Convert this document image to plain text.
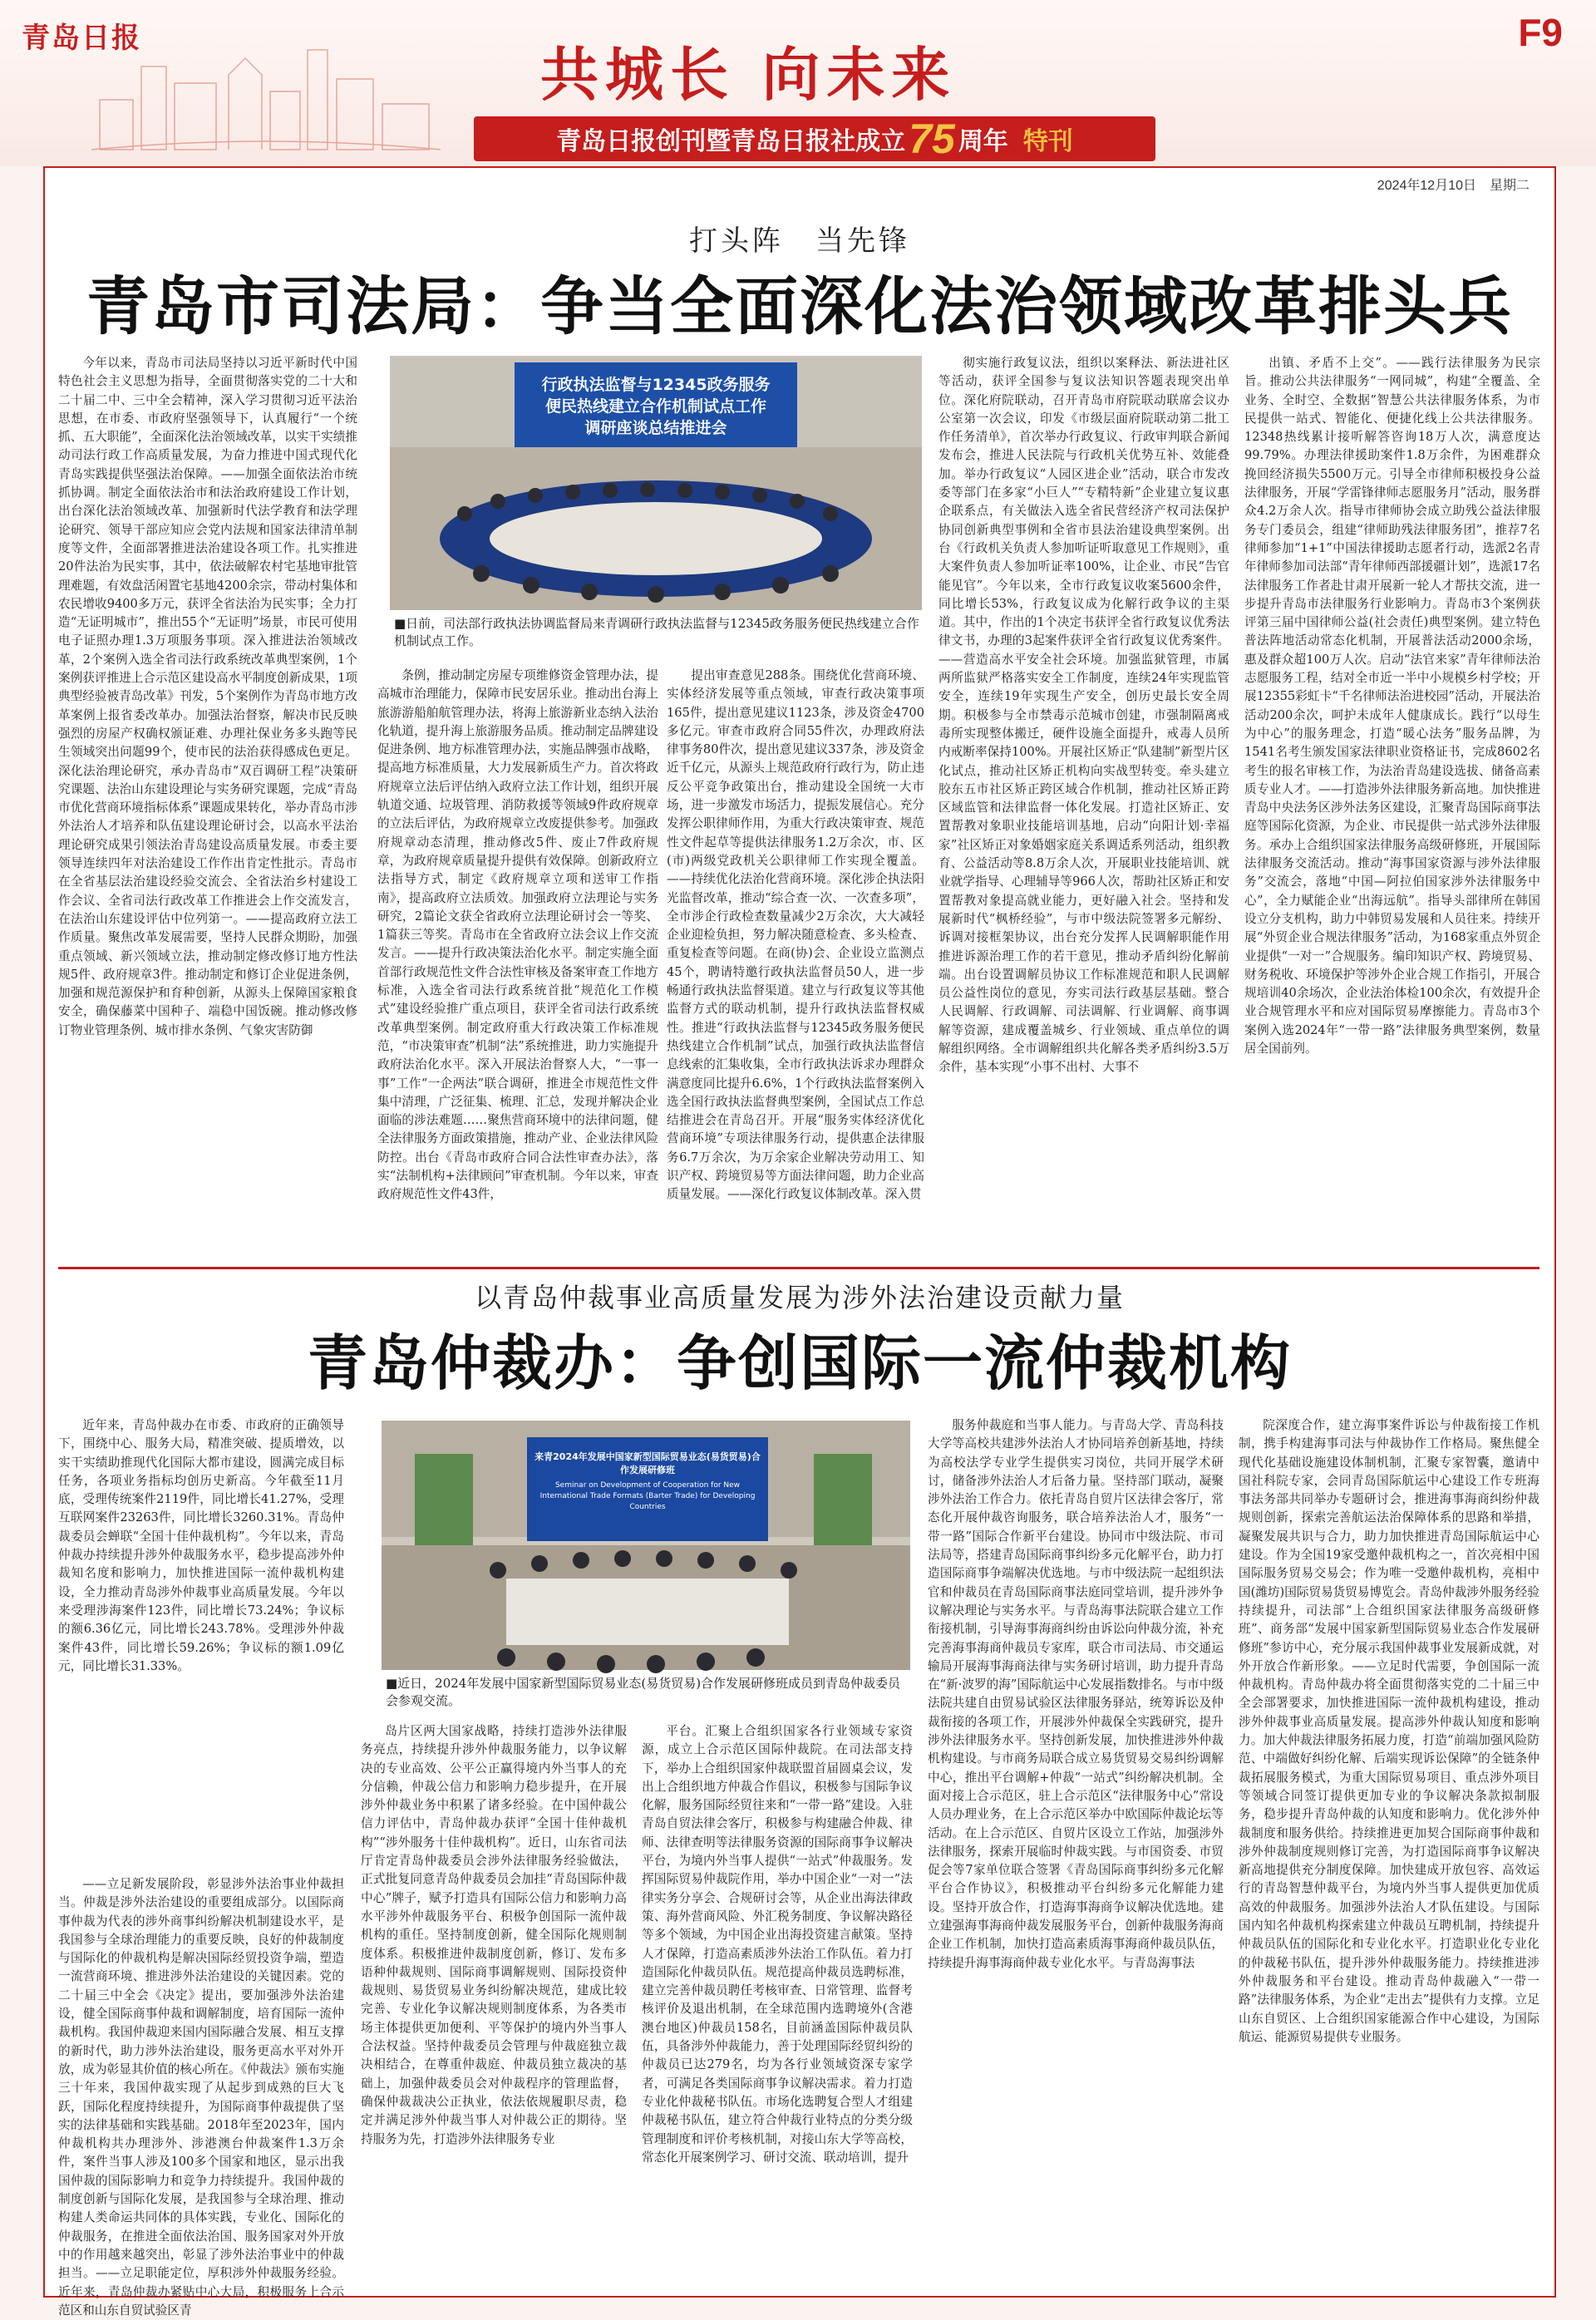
青岛日报
共城长 向未来
青岛日报创刊暨青岛日报社成立 75 周年 特刊
F9
2024年12月10日　星期二
打头阵　当先锋
青岛市司法局：争当全面深化法治领域改革排头兵

今年以来，青岛市司法局坚持以习近平新时代中国特色社会主义思想为指导，全面贯彻落实党的二十大和二十届二中、三中全会精神，深入学习贯彻习近平法治思想，在市委、市政府坚强领导下，认真履行“一个统抓、五大职能”，全面深化法治领域改革，以实干实绩推动司法行政工作高质量发展，为奋力推进中国式现代化青岛实践提供坚强法治保障。——加强全面依法治市统抓协调。制定全面依法治市和法治政府建设工作计划，出台深化法治领域改革、加强新时代法学教育和法学理论研究、领导干部应知应会党内法规和国家法律清单制度等文件，全面部署推进法治建设各项工作。扎实推进20件法治为民实事，其中，依法破解农村宅基地审批管理难题，有效盘活闲置宅基地4200余宗，带动村集体和农民增收9400多万元，获评全省法治为民实事；全力打造“无证明城市”，推出55个“无证明”场景，市民可使用电子证照办理1.3万项服务事项。深入推进法治领域改革，2个案例入选全省司法行政系统改革典型案例，1个案例获评推进上合示范区建设高水平制度创新成果，1项典型经验被青岛改革》刊发，5个案例作为青岛市地方改革案例上报省委改革办。加强法治督察，解决市民反映强烈的房屋产权确权颁证难、办理社保业务多头跑等民生领域突出问题99个，使市民的法治获得感成色更足。深化法治理论研究，承办青岛市“双百调研工程”决策研究课题、法治山东建设理论与实务研究课题，完成“青岛市优化营商环境指标体系”课题成果转化，举办青岛市涉外法治人才培养和队伍建设理论研讨会，以高水平法治理论研究成果引领法治青岛建设高质量发展。市委主要领导连续四年对法治建设工作作出肯定性批示。青岛市在全省基层法治建设经验交流会、全省法治乡村建设工作会议、全省司法行政改革工作推进会上作交流发言，在法治山东建设评估中位列第一。——提高政府立法工作质量。聚焦改革发展需要，坚持人民群众期盼，加强重点领域、新兴领域立法，推动制定修改修订地方性法规5件、政府规章3件。推动制定和修订企业促进条例，加强和规范源保护和育种创新，从源头上保障国家粮食安全，确保藤菜中国种子、端稳中国饭碗。推动修改修订物业管理条例、城市排水条例、气象灾害防御

行政执法监督与12345政务服务
便民热线建立合作机制试点工作
调研座谈总结推进会
■日前，司法部行政执法协调监督局来青调研行政执法监督与12345政务服务便民热线建立合作机制试点工作。

条例，推动制定房屋专项维修资金管理办法，提高城市治理能力，保障市民安居乐业。推动出台海上旅游游船舶航管理办法，将海上旅游新业态纳入法治化轨道，提升海上旅游服务品质。推动制定品牌建设促进条例、地方标准管理办法，实施品牌强市战略，提高地方标准质量，大力发展新质生产力。首次将政府规章立法后评估纳入政府立法工作计划，组织开展轨道交通、垃圾管理、消防救援等领域9件政府规章的立法后评估，为政府规章立改废提供参考。加强政府规章动态清理，推动修改5件、废止7件政府规章，为政府规章质量提升提供有效保障。创新政府立法指导方式，制定《政府规章立项和送审工作指南》，提高政府立法质效。加强政府立法理论与实务研究，2篇论文获全省政府立法理论研讨会一等奖、1篇获三等奖。青岛市在全省政府立法会议上作交流发言。——提升行政决策法治化水平。制定实施全面首部行政规范性文件合法性审核及备案审查工作地方标准，入选全省司法行政系统首批“规范化工作模式”建设经验推广重点项目，获评全省司法行政系统改革典型案例。制定政府重大行政决策工作标准规范，“市决策审查”机制“法”系统推进，助力实施提升政府法治化水平。深入开展法治督察人大，“一事一事”工作“一企两法”联合调研，推进全市规范性文件集中清理，广泛征集、梳理、汇总，发现并解决企业面临的涉法难题……聚焦营商环境中的法律问题，健全法律服务方面政策措施，推动产业、企业法律风险防控。出台《青岛市政府合同合法性审查办法》，落实“法制机构+法律顾问”审查机制。今年以来，审查政府规范性文件43件，

提出审查意见288条。围绕优化营商环境、实体经济发展等重点领域，审查行政决策事项165件，提出意见建议1123条，涉及资金4700多亿元。审查市政府合同55件次，办理政府法律事务80件次，提出意见建议337条，涉及资金近千亿元，从源头上规范政府行政行为，防止违反公平竞争政策出台，推动建设全国统一大市场，进一步激发市场活力，提振发展信心。充分发挥公职律师作用，为重大行政决策审查、规范性文件起草等提供法律服务1.2万余次，市、区(市)两级党政机关公职律师工作实现全覆盖。——持续优化法治化营商环境。深化涉企执法阳光监督改革，推动“综合查一次、一次查多项”，全市涉企行政检查数量减少2万余次，大大减轻企业迎检负担，努力解决随意检查、多头检查、重复检查等问题。在商(协)会、企业设立监测点45个，聘请特邀行政执法监督员50人，进一步畅通行政执法监督渠道。建立与行政复议等其他监督方式的联动机制，提升行政执法监督权威性。推进“行政执法监督与12345政务服务便民热线建立合作机制”试点，加强行政执法监督信息线索的汇集收集，全市行政执法诉求办理群众满意度同比提升6.6%，1个行政执法监督案例入选全国行政执法监督典型案例，全国试点工作总结推进会在青岛召开。开展“服务实体经济优化营商环境”专项法律服务行动，提供惠企法律服务6.7万余次，为万余家企业解决劳动用工、知识产权、跨境贸易等方面法律问题，助力企业高质量发展。——深化行政复议体制改革。深入贯

彻实施行政复议法，组织以案释法、新法进社区等活动，获评全国参与复议法知识答题表现突出单位。深化府院联动，召开青岛市府院联动联席会议办公室第一次会议，印发《市级层面府院联动第二批工作任务清单》，首次举办行政复议、行政审判联合新闻发布会，推进人民法院与行政机关优势互补、效能叠加。举办行政复议“人园区进企业”活动，联合市发改委等部门在多家“小巨人”“专精特新”企业建立复议惠企联系点，有关做法入选全省民营经济产权司法保护协同创新典型事例和全省市县法治建设典型案例。出台《行政机关负责人参加听证听取意见工作规则》，重大案件负责人参加听证率100%，让企业、市民“告官能见官”。今年以来，全市行政复议收案5600余件，同比增长53%，行政复议成为化解行政争议的主渠道。其中，作出的1个决定书获评全省行政复议优秀法律文书，办理的3起案件获评全省行政复议优秀案件。——营造高水平安全社会环境。加强监狱管理，市属两所监狱严格落实安全工作制度，连续24年实现监管安全，连续19年实现生产安全，创历史最长安全周期。积极参与全市禁毒示范城市创建，市强制隔离戒毒所实现整体搬迁，硬件设施全面提升，戒毒人员所内戒断率保持100%。开展社区矫正“队建制”新型片区化试点，推动社区矫正机构向实战型转变。牵头建立胶东五市社区矫正跨区域合作机制，推动社区矫正跨区域监管和法律监督一体化发展。打造社区矫正、安置帮教对象职业技能培训基地，启动“向阳计划·幸福家”社区矫正对象婚姻家庭关系调适系列活动，组织教育、公益活动等8.8万余人次，开展职业技能培训、就业就学指导、心理辅导等966人次，帮助社区矫正和安置帮教对象提高就业能力，更好融入社会。坚持和发展新时代“枫桥经验”，与市中级法院签署多元解纷、诉调对接框架协议，出台充分发挥人民调解职能作用推进诉源治理工作的若干意见，推动矛盾纠纷化解前端。出台设置调解员协议工作标准规范和职人民调解员公益性岗位的意见，夯实司法行政基层基础。整合人民调解、行政调解、司法调解、行业调解、商事调解等资源，建成覆盖城乡、行业领域、重点单位的调解组织网络。全市调解组织共化解各类矛盾纠纷3.5万余件，基本实现“小事不出村、大事不

出镇、矛盾不上交”。——践行法律服务为民宗旨。推动公共法律服务“一网同城”，构建“全覆盖、全业务、全时空、全数据”智慧公共法律服务体系，为市民提供一站式、智能化、便捷化线上公共法律服务。12348热线累计接听解答咨询18万人次，满意度达99.79%。办理法律援助案件1.8万余件，为困难群众挽回经济损失5500万元。引导全市律师积极投身公益法律服务，开展“学雷锋律师志愿服务月”活动，服务群众4.2万余人次。指导市律师协会成立助残公益法律服务专门委员会，组建“律师助残法律服务团”，推荐7名律师参加“1+1”中国法律援助志愿者行动，选派2名青年律师参加司法部“青年律师西部援疆计划”，选派17名法律服务工作者赴甘肃开展新一轮人才帮扶交流，进一步提升青岛市法律服务行业影响力。青岛市3个案例获评第三届中国律师公益(社会责任)典型案例。建立特色普法阵地活动常态化机制，开展普法活动2000余场，惠及群众超100万人次。启动“法官来家”青年律师法治志愿服务工程，结对全市近一半中小规模乡村学校；开展12355彩虹卡“千名律师法治进校园”活动，开展法治活动200余次，呵护未成年人健康成长。践行“以母生为中心”的服务理念，打造“暖心法务”服务品牌，为1541名考生颁发国家法律职业资格证书，完成8602名考生的报名审核工作，为法治青岛建设选拔、储备高素质专业人才。——打造涉外法律服务新高地。加快推进青岛中央法务区涉外法务区建设，汇聚青岛国际商事法庭等国际化资源，为企业、市民提供一站式涉外法律服务。承办上合组织国家法律服务高级研修班，开展国际法律服务交流活动。推动“海事国家资源与涉外法律服务”交流会，落地“中国—阿拉伯国家涉外法律服务中心”，全力赋能企业“出海远航”。指导头部律所在韩国设立分支机构，助力中韩贸易发展和人员往来。持续开展“外贸企业合规法律服务”活动，为168家重点外贸企业提供“一对一”合规服务。编印知识产权、跨境贸易、财务税收、环境保护等涉外企业合规工作指引，开展合规培训40余场次，企业法治体检100余次，有效提升企业合规管理水平和应对国际贸易摩擦能力。青岛市3个案例入选2024年“一带一路”法律服务典型案例，数量居全国前列。

以青岛仲裁事业高质量发展为涉外法治建设贡献力量
青岛仲裁办：争创国际一流仲裁机构

近年来，青岛仲裁办在市委、市政府的正确领导下，围绕中心、服务大局，精准突破、提质增效，以实干实绩助推现代化国际大都市建设，圆满完成目标任务，各项业务指标均创历史新高。今年截至11月底，受理传统案件2119件，同比增长41.27%，受理互联网案件23263件，同比增长3260.31%。青岛仲裁委员会蝉联“全国十佳仲裁机构”。今年以来，青岛仲裁办持续提升涉外仲裁服务水平，稳步提高涉外仲裁知名度和影响力，加快推进国际一流仲裁机构建设，全力推动青岛涉外仲裁事业高质量发展。今年以来受理涉海案件123件，同比增长73.24%；争议标的额6.36亿元，同比增长243.78%。受理涉外仲裁案件43件，同比增长59.26%；争议标的额1.09亿元，同比增长31.33%。

来青2024年发展中国家新型国际贸易业态(易货贸易)合作发展研修班
Seminar on Development of Cooperation for New International Trade Formats (Barter Trade) for Developing Countries
■近日，2024年发展中国家新型国际贸易业态(易货贸易)合作发展研修班成员到青岛仲裁委员会参观交流。

——立足新发展阶段，彰显涉外法治事业仲裁担当。仲裁是涉外法治建设的重要组成部分。以国际商事仲裁为代表的涉外商事纠纷解决机制建设水平，是我国参与全球治理能力的重要反映，良好的仲裁制度与国际化的仲裁机构是解决国际经贸投资争端，塑造一流营商环境、推进涉外法治建设的关键因素。党的二十届三中全会《决定》提出，要加强涉外法治建设，健全国际商事仲裁和调解制度，培育国际一流仲裁机构。我国仲裁迎来国内国际融合发展、相互支撑的新时代，助力涉外法治建设，服务更高水平对外开放，成为彰显其价值的核心所在。《仲裁法》颁布实施三十年来，我国仲裁实现了从起步到成熟的巨大飞跃，国际化程度持续提升，为国际商事仲裁提供了坚实的法律基础和实践基础。2018年至2023年，国内仲裁机构共办理涉外、涉港澳台仲裁案件1.3万余件，案件当事人涉及100多个国家和地区，显示出我国仲裁的国际影响力和竞争力持续提升。我国仲裁的制度创新与国际化发展，是我国参与全球治理、推动构建人类命运共同体的具体实践，专业化、国际化的仲裁服务，在推进全面依法治国、服务国家对外开放中的作用越来越突出，彰显了涉外法治事业中的仲裁担当。——立足职能定位，厚积涉外仲裁服务经验。近年来，青岛仲裁办紧贴中心大局，积极服务上合示范区和山东自贸试验区青

岛片区两大国家战略，持续打造涉外法律服务亮点，持续提升涉外仲裁服务能力，以争议解决的专业高效、公平公正赢得境内外当事人的充分信赖，仲裁公信力和影响力稳步提升，在开展涉外仲裁业务中积累了诸多经验。在中国仲裁公信力评估中，青岛仲裁办获评“全国十佳仲裁机构”“涉外服务十佳仲裁机构”。近日，山东省司法厅肯定青岛仲裁委员会涉外法律服务经验做法，正式批复同意青岛仲裁委员会加挂“青岛国际仲裁中心”牌子，赋予打造具有国际公信力和影响力高水平涉外仲裁服务平台、积极争创国际一流仲裁机构的重任。坚持制度创新，健全国际化规则制度体系。积极推进仲裁制度创新，修订、发布多语种仲裁规则、国际商事调解规则、国际投资仲裁规则、易货贸易业务纠纷解决规范，建成比较完善、专业化争议解决规则制度体系，为各类市场主体提供更加便利、平等保护的境内外当事人合法权益。坚持仲裁委员会管理与仲裁庭独立裁决相结合，在尊重仲裁庭、仲裁员独立裁决的基础上，加强仲裁委员会对仲裁程序的管理监督，确保仲裁裁决公正执业，依法依规履职尽责，稳定并满足涉外仲裁当事人对仲裁公正的期待。坚持服务为先，打造涉外法律服务专业

平台。汇聚上合组织国家各行业领域专家资源，成立上合示范区国际仲裁院。在司法部支持下，举办上合组织国家仲裁联盟首届圆桌会议，发出上合组织地方仲裁合作倡议，积极参与国际争议化解，服务国际经贸往来和“一带一路”建设。入驻青岛自贸法律会客厅，积极参与构建融合仲裁、律师、法律查明等法律服务资源的国际商事争议解决平台，为境内外当事人提供“一站式”仲裁服务。发挥国际贸易仲裁院作用，举办中国企业“一对一”法律实务分享会、合规研讨会等，从企业出海法律政策、海外营商风险、外汇税务制度、争议解决路径等多个领域，为中国企业出海投资建言献策。坚持人才保障，打造高素质涉外法治工作队伍。着力打造国际化仲裁员队伍。规范提高仲裁员选聘标准，建立完善仲裁员聘任考核审查、日常管理、监督考核评价及退出机制，在全球范围内选聘境外(含港澳台地区)仲裁员158名，目前涵盖国际仲裁员队伍，具备涉外仲裁能力，善于处理国际经贸纠纷的仲裁员已达279名，均为各行业领域资深专家学者，可满足各类国际商事争议解决需求。着力打造专业化仲裁秘书队伍。市场化选聘复合型人才组建仲裁秘书队伍，建立符合仲裁行业特点的分类分级管理制度和评价考核机制，对接山东大学等高校，常态化开展案例学习、研讨交流、联动培训，提升

服务仲裁庭和当事人能力。与青岛大学、青岛科技大学等高校共建涉外法治人才协同培养创新基地，持续为高校法学专业学生提供实习岗位，共同开展学术研讨，储备涉外法治人才后备力量。坚持部门联动，凝聚涉外法治工作合力。依托青岛自贸片区法律会客厅，常态化开展仲裁咨询服务，联合培养法治人才，服务“一带一路”国际合作新平台建设。协同市中级法院、市司法局等，搭建青岛国际商事纠纷多元化解平台，助力打造国际商事争端解决优选地。与市中级法院一起组织法官和仲裁员在青岛国际商事法庭同堂培训，提升涉外争议解决理论与实务水平。与青岛海事法院联合建立工作衔接机制，引导海事海商纠纷由诉讼向仲裁分流，补充完善海事海商仲裁员专家库，联合市司法局、市交通运输局开展海事海商法律与实务研讨培训，助力提升青岛在“新·波罗的海”国际航运中心发展指数排名。与市中级法院共建自由贸易试验区法律服务驿站，统筹诉讼及仲裁衔接的各项工作，开展涉外仲裁保全实践研究，提升涉外法律服务水平。坚持创新发展，加快推进涉外仲裁机构建设。与市商务局联合成立易货贸易交易纠纷调解中心，推出平台调解+仲裁“一站式”纠纷解决机制。全面对接上合示范区，驻上合示范区“法律服务中心”常设人员办理业务，在上合示范区举办中欧国际仲裁论坛等活动。在上合示范区、自贸片区设立工作站，加强涉外法律服务，探索开展临时仲裁实践。与市国资委、市贸促会等7家单位联合签署《青岛国际商事纠纷多元化解平台合作协议》，积极推动平台纠纷多元化解能力建设。坚持开放合作，打造海事海商争议解决优选地。建立建强海事海商仲裁发展服务平台，创新仲裁服务海商企业工作机制，加快打造高素质海事海商仲裁员队伍，持续提升海事海商仲裁专业化水平。与青岛海事法

院深度合作，建立海事案件诉讼与仲裁衔接工作机制，携手构建海事司法与仲裁协作工作格局。聚焦健全现代化基础设施建设体制机制，汇聚专家智囊，邀请中国社科院专家，会同青岛国际航运中心建设工作专班海事法务部共同举办专题研讨会，推进海事海商纠纷仲裁规则创新，探索完善航运法治保障体系的思路和举措，凝聚发展共识与合力，助力加快推进青岛国际航运中心建设。作为全国19家受邀仲裁机构之一，首次亮相中国国际服务贸易交易会；作为唯一受邀仲裁机构，亮相中国(潍坊)国际贸易货贸易博览会。青岛仲裁涉外服务经验持续提升，司法部“上合组织国家法律服务高级研修班”、商务部“发展中国家新型国际贸易业态合作发展研修班”参访中心，充分展示我国仲裁事业发展新成就，对外开放合作新形象。——立足时代需要，争创国际一流仲裁机构。青岛仲裁办将全面贯彻落实党的二十届三中全会部署要求，加快推进国际一流仲裁机构建设，推动涉外仲裁事业高质量发展。提高涉外仲裁认知度和影响力。加大仲裁法律服务拓展力度，打造“前端加强风险防范、中端做好纠纷化解、后端实现诉讼保障”的全链条仲裁拓展服务模式，为重大国际贸易项目、重点涉外项目等领域合同签订提供更加专业的争议解决条款拟制服务，稳步提升青岛仲裁的认知度和影响力。优化涉外仲裁制度和服务供给。持续推进更加契合国际商事仲裁和涉外仲裁制度规则修订完善，为打造国际商事争议解决新高地提供充分制度保障。加快建成开放包容、高效运行的青岛智慧仲裁平台，为境内外当事人提供更加优质高效的仲裁服务。加强涉外法治人才队伍建设。与国际国内知名仲裁机构探索建立仲裁员互聘机制，持续提升仲裁员队伍的国际化和专业化水平。打造职业化专业化的仲裁秘书队伍，提升涉外仲裁服务能力。持续推进涉外仲裁服务和平台建设。推动青岛仲裁融入“一带一路”法律服务体系，为企业“走出去”提供有力支撑。立足山东自贸区、上合组织国家能源合作中心建设，为国际航运、能源贸易提供专业服务。
